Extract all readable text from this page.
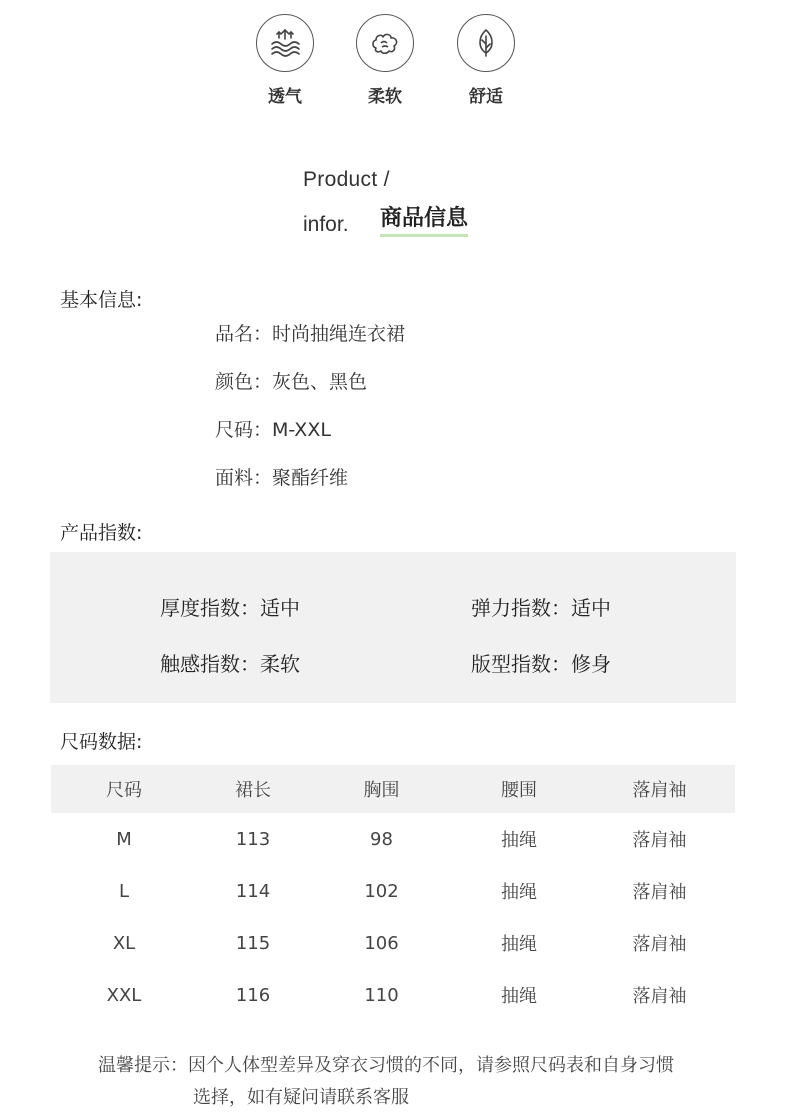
透气	柔软	舒适
Product /
infor. 商品信息
基本信息:
品名：时尚抽绳连衣裙
颜色：灰色、黑色
尺码：M-XXL
面料：聚酯纤维
产品指数:
厚度指数：适中	弹力指数：适中
触感指数：柔软	版型指数：修身
尺码数据:
尺码	裙长	胸围	腰围	落肩袖
M	113	98	抽绳	落肩袖
L	114	102	抽绳	落肩袖
XL	115	106	抽绳	落肩袖
XXL	116	110	抽绳	落肩袖
温馨提示：因个人体型差异及穿衣习惯的不同，请参照尺码表和自身习惯
选择，如有疑问请联系客服
